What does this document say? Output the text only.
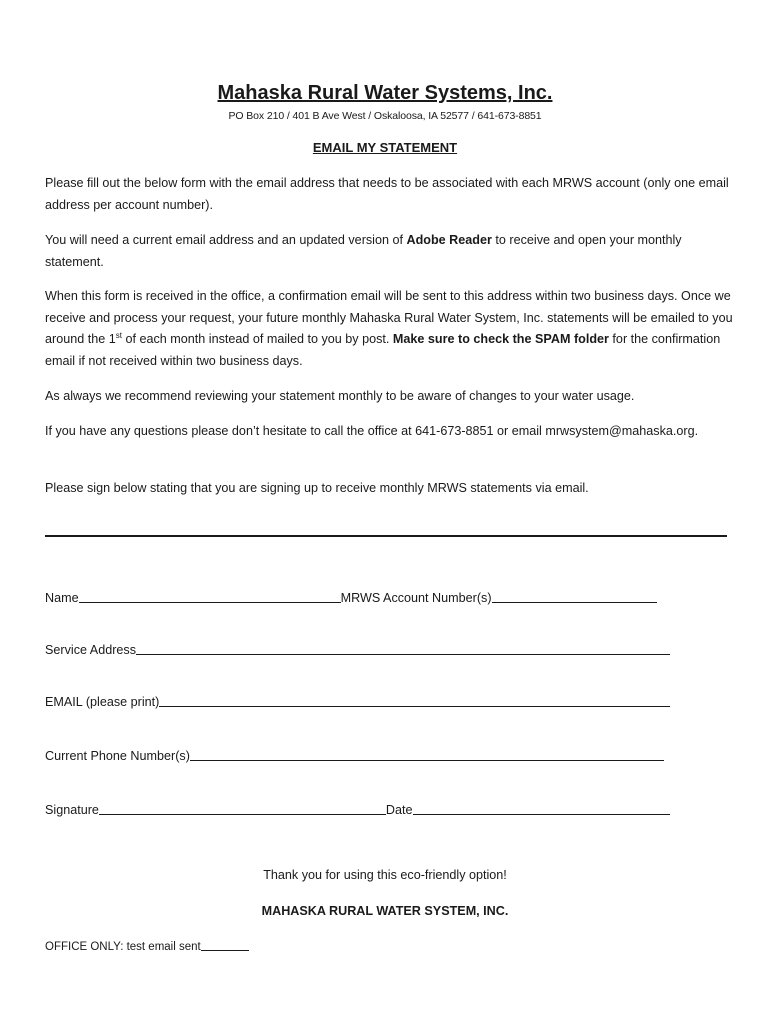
Mahaska Rural Water Systems, Inc.
PO Box 210 / 401 B Ave West / Oskaloosa, IA 52577 / 641-673-8851
EMAIL MY STATEMENT
Please fill out the below form with the email address that needs to be associated with each MRWS account (only one email address per account number).
You will need a current email address and an updated version of Adobe Reader to receive and open your monthly statement.
When this form is received in the office, a confirmation email will be sent to this address within two business days. Once we receive and process your request, your future monthly Mahaska Rural Water System, Inc. statements will be emailed to you around the 1st of each month instead of mailed to you by post. Make sure to check the SPAM folder for the confirmation email if not received within two business days.
As always we recommend reviewing your statement monthly to be aware of changes to your water usage.
If you have any questions please don’t hesitate to call the office at 641-673-8851 or email mrwsystem@mahaska.org.
Please sign below stating that you are signing up to receive monthly MRWS statements via email.
Name	MRWS Account Number(s)
Service Address
EMAIL (please print)
Current Phone Number(s)
Signature	Date
Thank you for using this eco-friendly option!
MAHASKA RURAL WATER SYSTEM, INC.
OFFICE ONLY: test email sent
